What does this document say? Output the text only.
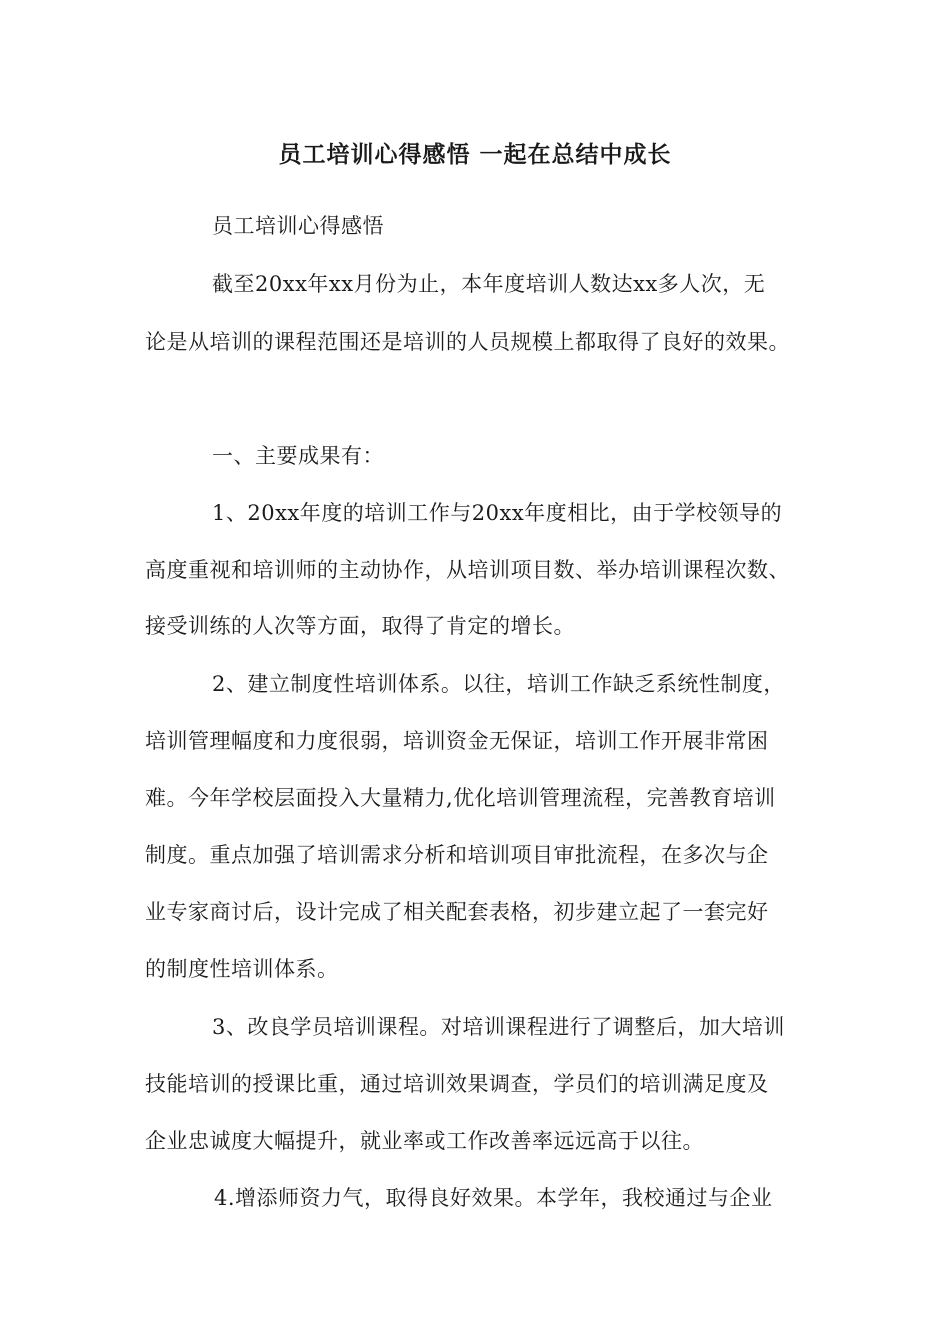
员工培训心得感悟 一起在总结中成长
员工培训心得感悟
截至20xx年xx月份为止，本年度培训人数达xx多人次，无
论是从培训的课程范围还是培训的人员规模上都取得了良好的效果。
一、主要成果有：
1、20xx年度的培训工作与20xx年度相比，由于学校领导的
高度重视和培训师的主动协作，从培训项目数、举办培训课程次数、
接受训练的人次等方面，取得了肯定的增长。
2、建立制度性培训体系。以往，培训工作缺乏系统性制度，
培训管理幅度和力度很弱，培训资金无保证，培训工作开展非常困
难。今年学校层面投入大量精力,优化培训管理流程，完善教育培训
制度。重点加强了培训需求分析和培训项目审批流程，在多次与企
业专家商讨后，设计完成了相关配套表格，初步建立起了一套完好
的制度性培训体系。
3、改良学员培训课程。对培训课程进行了调整后，加大培训
技能培训的授课比重，通过培训效果调查，学员们的培训满足度及
企业忠诚度大幅提升，就业率或工作改善率远远高于以往。
4.增添师资力气，取得良好效果。本学年，我校通过与企业
